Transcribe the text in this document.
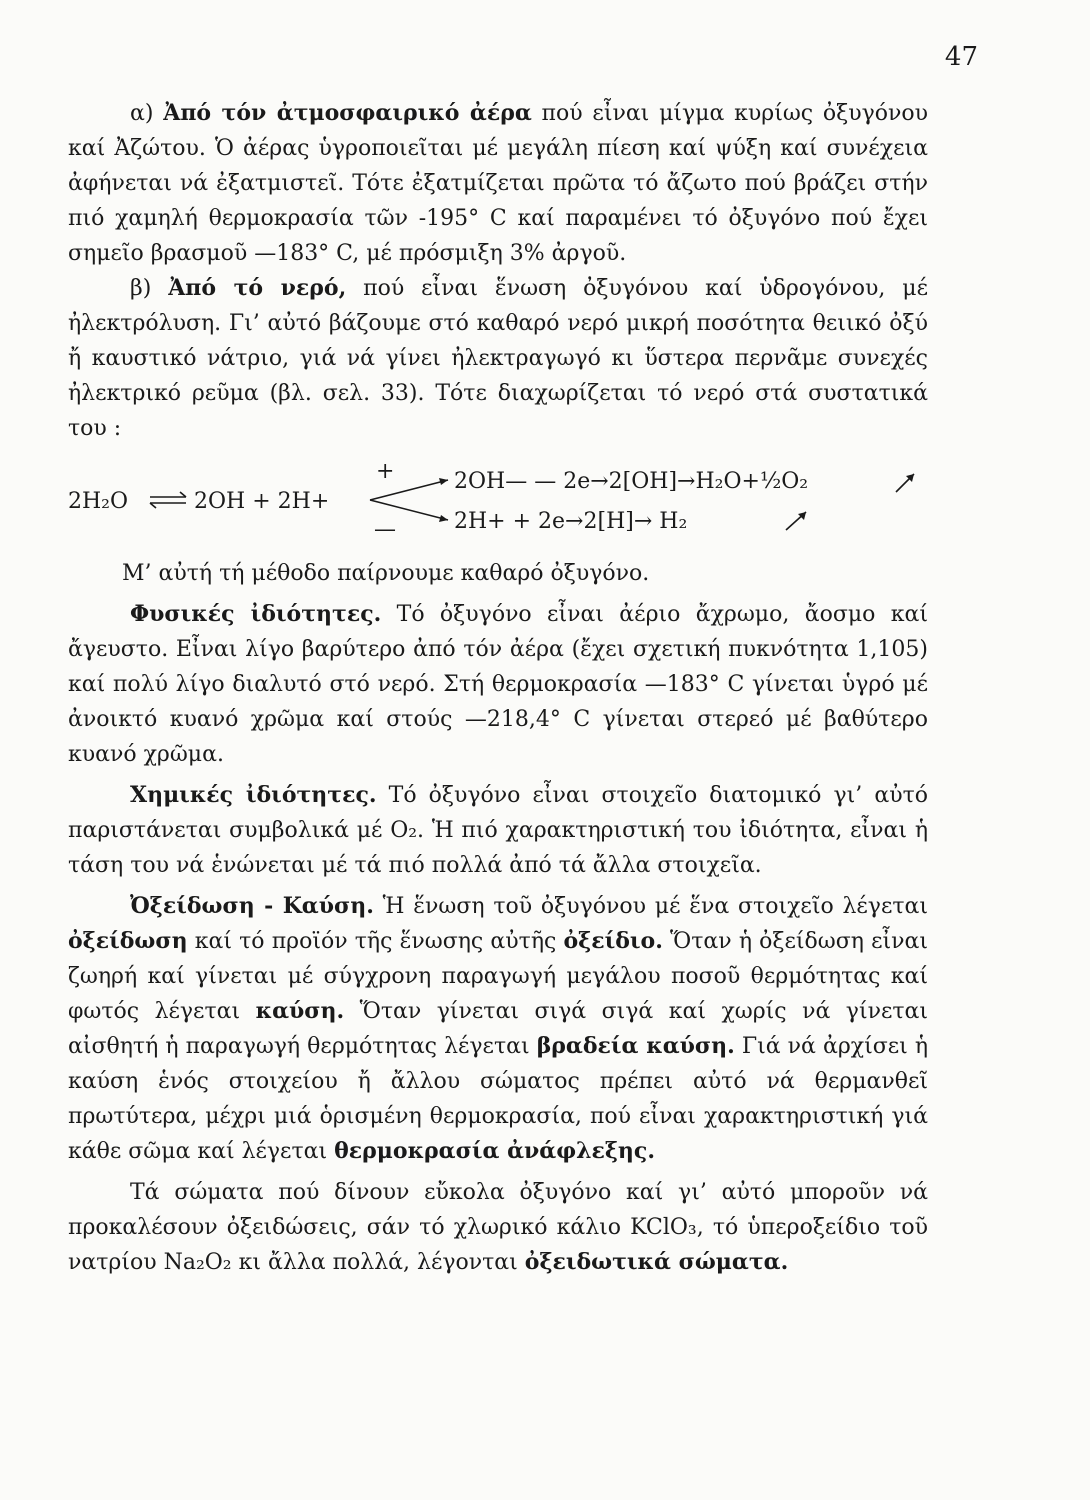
47

α) Ἀπό τόν ἀτμοσφαιρικό ἀέρα πού εἶναι μίγμα κυρίως ὀξυγόνου καί Ἀζώτου. Ὁ ἀέρας ὑγροποιεῖται μέ μεγάλη πίεση καί ψύξη καί συνέχεια ἀφήνεται νά ἐξατμιστεῖ. Τότε ἐξατμίζεται πρῶτα τό ἄζωτο πού βράζει στήν πιό χαμηλή θερμοκρασία τῶν -195° C καί παραμένει τό ὀξυγόνο πού ἔχει σημεῖο βρασμοῦ —183° C, μέ πρόσμιξη 3% ἀργοῦ.

β) Ἀπό τό νερό, πού εἶναι ἕνωση ὀξυγόνου καί ὑδρογόνου, μέ ἠλεκτρόλυση. Γι’ αὐτό βάζουμε στό καθαρό νερό μικρή ποσότητα θειικό ὀξύ ἤ καυστικό νάτριο, γιά νά γίνει ἠλεκτραγωγό κι ὕστερα περνᾶμε συνεχές ἠλεκτρικό ρεῦμα (βλ. σελ. 33). Τότε διαχωρίζεται τό νερό στά συστατικά του :

2H₂O	2OH + 2H+
+
—
2OH— — 2e→2[OH]→H₂O+½O₂
2H+ + 2e→2[H]→ H₂

Μ’ αὐτή τή μέθοδο παίρνουμε καθαρό ὀξυγόνο.

Φυσικές ἰδιότητες. Τό ὀξυγόνο εἶναι ἀέριο ἄχρωμο, ἄοσμο καί ἄγευστο. Εἶναι λίγο βαρύτερο ἀπό τόν ἀέρα (ἔχει σχετική πυκνότητα 1,105) καί πολύ λίγο διαλυτό στό νερό. Στή θερμοκρασία —183° C γίνεται ὑγρό μέ ἀνοικτό κυανό χρῶμα καί στούς —218,4° C γίνεται στερεό μέ βαθύτερο κυανό χρῶμα.

Χημικές ἰδιότητες. Τό ὀξυγόνο εἶναι στοιχεῖο διατομικό γι’ αὐτό παριστάνεται συμβολικά μέ O₂. Ἡ πιό χαρακτηριστική του ἰδιότητα, εἶναι ἡ τάση του νά ἑνώνεται μέ τά πιό πολλά ἀπό τά ἄλλα στοιχεῖα.

Ὀξείδωση - Καύση. Ἡ ἕνωση τοῦ ὀξυγόνου μέ ἕνα στοιχεῖο λέγεται ὀξείδωση καί τό προϊόν τῆς ἕνωσης αὐτῆς ὀξείδιο. Ὅταν ἡ ὀξείδωση εἶναι ζωηρή καί γίνεται μέ σύγχρονη παραγωγή μεγάλου ποσοῦ θερμότητας καί φωτός λέγεται καύση. Ὅταν γίνεται σιγά σιγά καί χωρίς νά γίνεται αἰσθητή ἡ παραγωγή θερμότητας λέγεται βραδεία καύση. Γιά νά ἀρχίσει ἡ καύση ἑνός στοιχείου ἤ ἄλλου σώματος πρέπει αὐτό νά θερμανθεῖ πρωτύτερα, μέχρι μιά ὁρισμένη θερμοκρασία, πού εἶναι χαρακτηριστική γιά κάθε σῶμα καί λέγεται θερμοκρασία ἀνάφλεξης.

Τά σώματα πού δίνουν εὔκολα ὀξυγόνο καί γι’ αὐτό μποροῦν νά προκαλέσουν ὀξειδώσεις, σάν τό χλωρικό κάλιο KClO₃, τό ὑπεροξείδιο τοῦ νατρίου Na₂O₂ κι ἄλλα πολλά, λέγονται ὀξειδωτικά σώματα.
